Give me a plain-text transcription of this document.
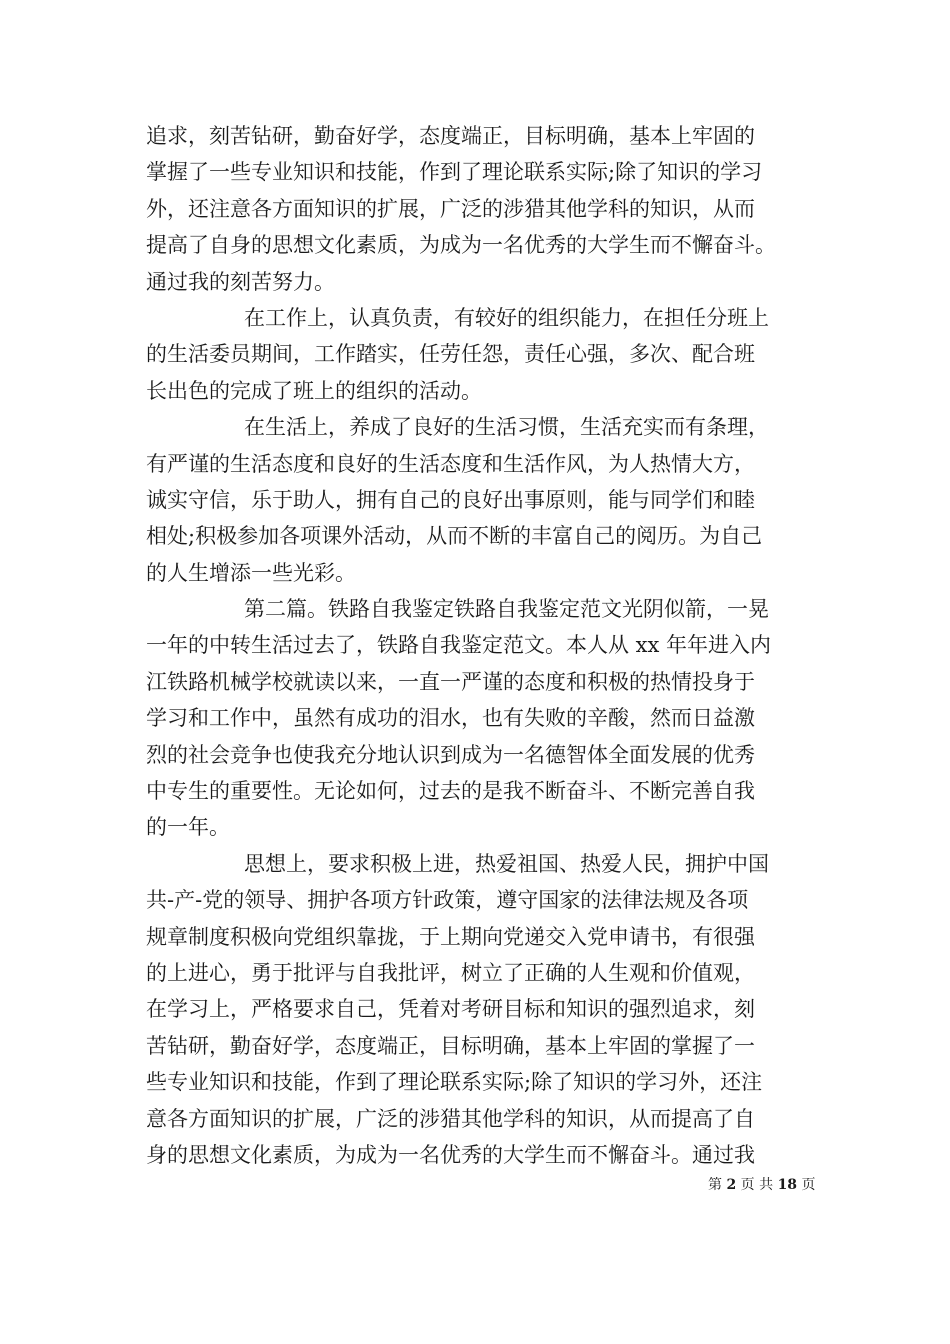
追求，刻苦钻研，勤奋好学，态度端正，目标明确，基本上牢固的
掌握了一些专业知识和技能，作到了理论联系实际;除了知识的学习
外，还注意各方面知识的扩展，广泛的涉猎其他学科的知识，从而
提高了自身的思想文化素质，为成为一名优秀的大学生而不懈奋斗。
通过我的刻苦努力。
在工作上，认真负责，有较好的组织能力，在担任分班上
的生活委员期间，工作踏实，任劳任怨，责任心强，多次、配合班
长出色的完成了班上的组织的活动。
在生活上，养成了良好的生活习惯，生活充实而有条理，
有严谨的生活态度和良好的生活态度和生活作风，为人热情大方，
诚实守信，乐于助人，拥有自己的良好出事原则，能与同学们和睦
相处;积极参加各项课外活动，从而不断的丰富自己的阅历。为自己
的人生增添一些光彩。
第二篇。铁路自我鉴定铁路自我鉴定范文光阴似箭，一晃
一年的中转生活过去了，铁路自我鉴定范文。本人从 xx 年年进入内
江铁路机械学校就读以来，一直一严谨的态度和积极的热情投身于
学习和工作中，虽然有成功的泪水，也有失败的辛酸，然而日益激
烈的社会竞争也使我充分地认识到成为一名德智体全面发展的优秀
中专生的重要性。无论如何，过去的是我不断奋斗、不断完善自我
的一年。
思想上，要求积极上进，热爱祖国、热爱人民，拥护中国
共-产-党的领导、拥护各项方针政策，遵守国家的法律法规及各项
规章制度积极向党组织靠拢，于上期向党递交入党申请书，有很强
的上进心，勇于批评与自我批评，树立了正确的人生观和价值观，
在学习上，严格要求自己，凭着对考研目标和知识的强烈追求，刻
苦钻研，勤奋好学，态度端正，目标明确，基本上牢固的掌握了一
些专业知识和技能，作到了理论联系实际;除了知识的学习外，还注
意各方面知识的扩展，广泛的涉猎其他学科的知识，从而提高了自
身的思想文化素质，为成为一名优秀的大学生而不懈奋斗。通过我
第 2 页 共 18 页
